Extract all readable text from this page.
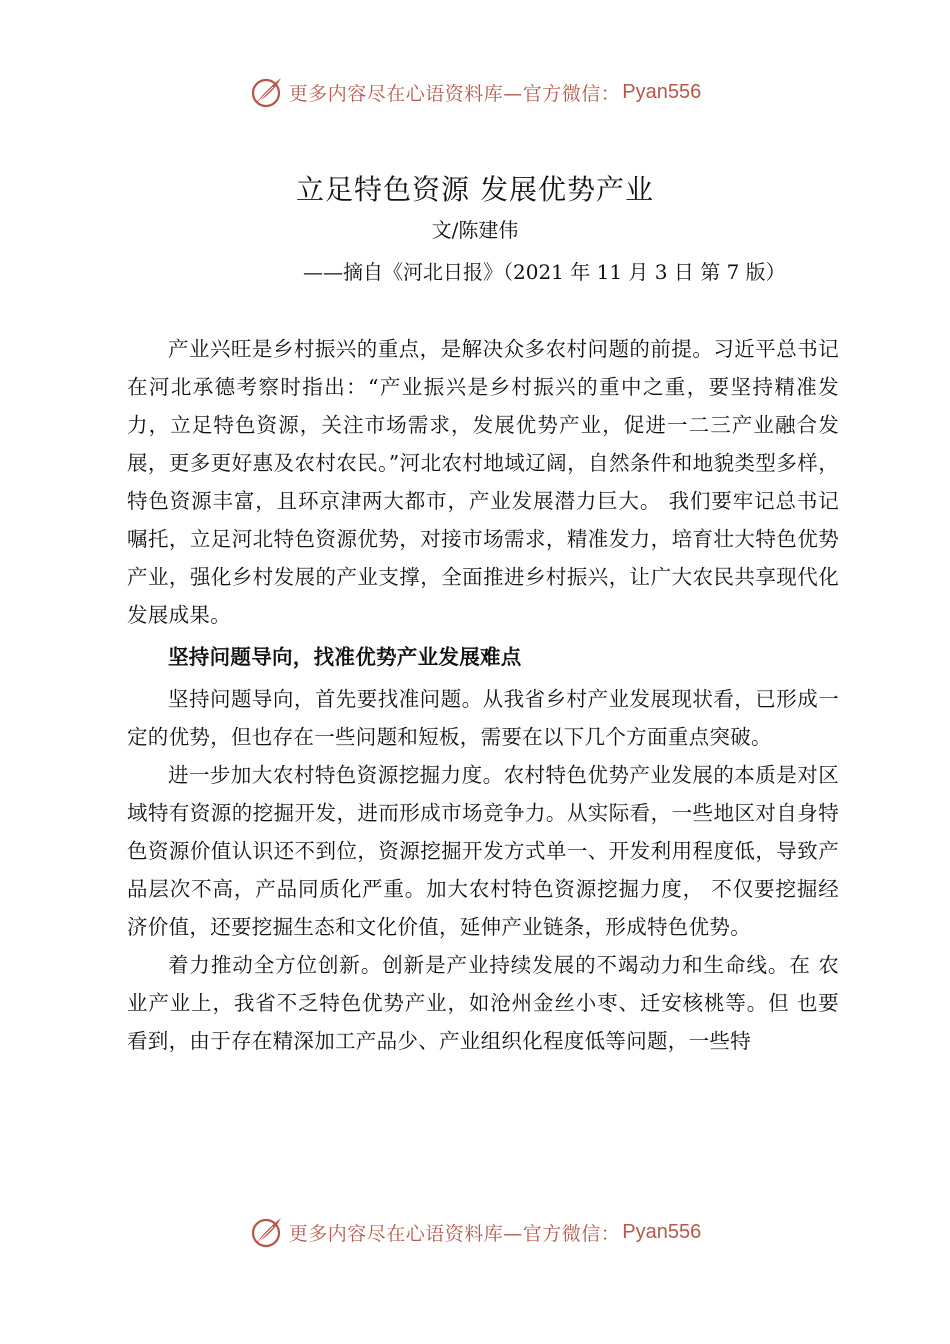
更多内容尽在心语资料库—官方微信： Pyan556
立足特色资源 发展优势产业
文/陈建伟
——摘自《河北日报》（2021 年 11 月 3 日 第 7 版）

产业兴旺是乡村振兴的重点，是解决众多农村问题的前提。习近平总书记在河北承德考察时指出：“产业振兴是乡村振兴的重中之重，要坚持精准发力，立足特色资源，关注市场需求，发展优势产业，促进一二三产业融合发展，更多更好惠及农村农民。”河北农村地域辽阔，自然条件和地貌类型多样，特色资源丰富，且环京津两大都市，产业发展潜力巨大。 我们要牢记总书记嘱托，立足河北特色资源优势，对接市场需求，精准发力，培育壮大特色优势产业，强化乡村发展的产业支撑，全面推进乡村振兴，让广大农民共享现代化发展成果。

坚持问题导向，找准优势产业发展难点

坚持问题导向，首先要找准问题。从我省乡村产业发展现状看，已形成一定的优势，但也存在一些问题和短板，需要在以下几个方面重点突破。

进一步加大农村特色资源挖掘力度。农村特色优势产业发展的本质是对区域特有资源的挖掘开发，进而形成市场竞争力。从实际看，一些地区对自身特色资源价值认识还不到位，资源挖掘开发方式单一、开发利用程度低，导致产品层次不高，产品同质化严重。加大农村特色资源挖掘力度， 不仅要挖掘经济价值，还要挖掘生态和文化价值，延伸产业链条，形成特色优势。

着力推动全方位创新。创新是产业持续发展的不竭动力和生命线。在 农业产业上，我省不乏特色优势产业，如沧州金丝小枣、迁安核桃等。但 也要看到，由于存在精深加工产品少、产业组织化程度低等问题，一些特

更多内容尽在心语资料库—官方微信： Pyan556
